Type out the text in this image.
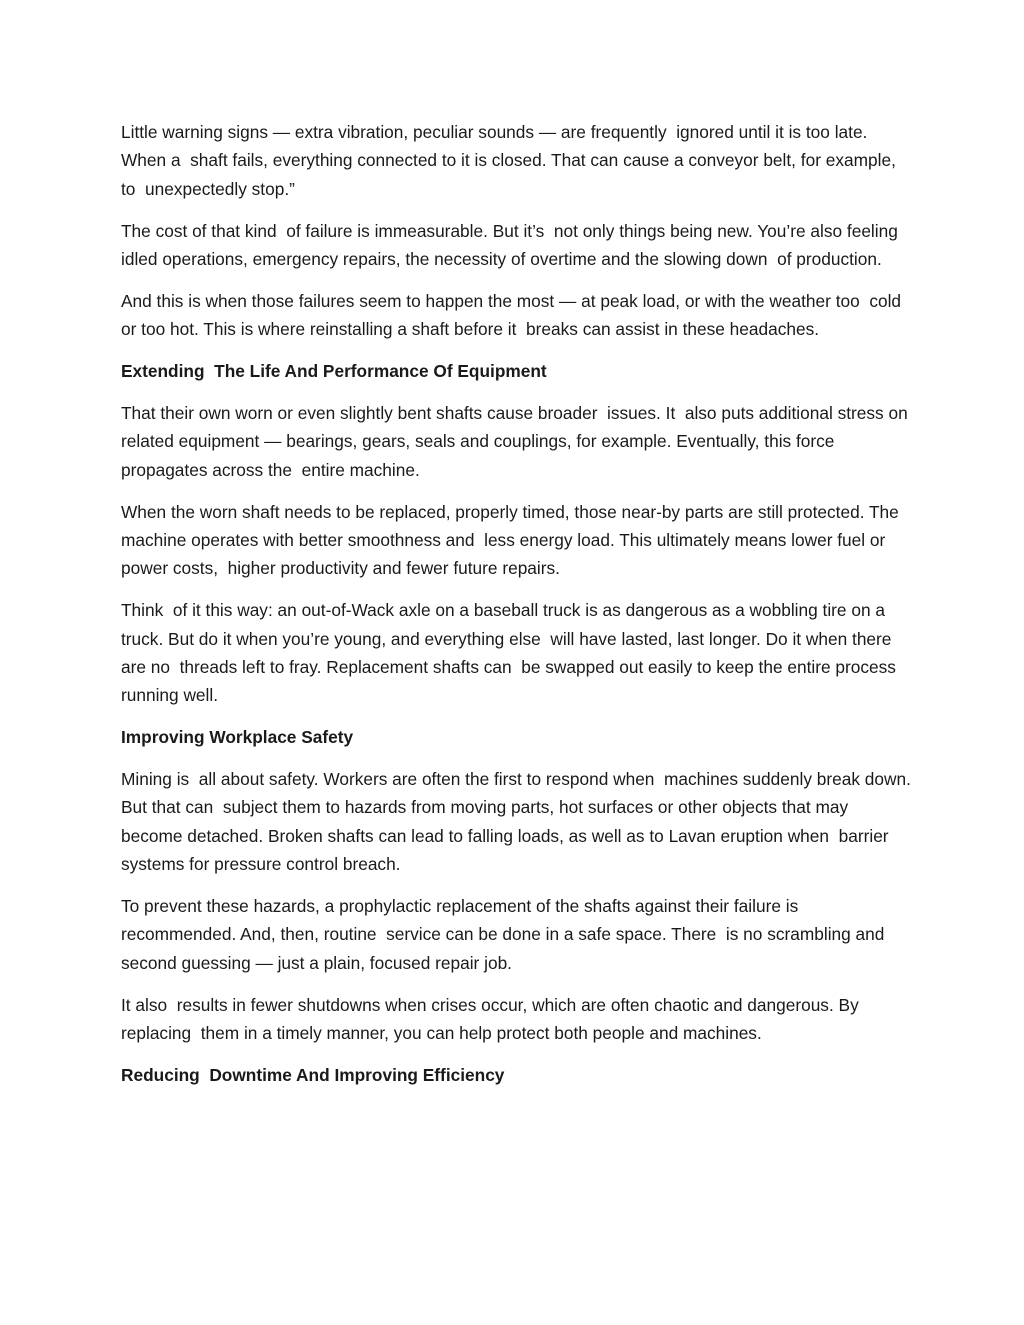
Little warning signs — extra vibration, peculiar sounds — are frequently  ignored until it is too late. When a  shaft fails, everything connected to it is closed. That can cause a conveyor belt, for example, to  unexpectedly stop.”

The cost of that kind  of failure is immeasurable. But it’s  not only things being new. You’re also feeling idled operations, emergency repairs, the necessity of overtime and the slowing down  of production.

And this is when those failures seem to happen the most — at peak load, or with the weather too  cold or too hot. This is where reinstalling a shaft before it  breaks can assist in these headaches.

Extending  The Life And Performance Of Equipment

That their own worn or even slightly bent shafts cause broader  issues. It  also puts additional stress on related equipment — bearings, gears, seals and couplings, for example. Eventually, this force propagates across the  entire machine.

When the worn shaft needs to be replaced, properly timed, those near-by parts are still protected. The machine operates with better smoothness and  less energy load. This ultimately means lower fuel or power costs,  higher productivity and fewer future repairs.

Think  of it this way: an out-of-Wack axle on a baseball truck is as dangerous as a wobbling tire on a truck. But do it when you’re young, and everything else  will have lasted, last longer. Do it when there are no  threads left to fray. Replacement shafts can  be swapped out easily to keep the entire process running well.

Improving Workplace Safety

Mining is  all about safety. Workers are often the first to respond when  machines suddenly break down. But that can  subject them to hazards from moving parts, hot surfaces or other objects that may become detached. Broken shafts can lead to falling loads, as well as to Lavan eruption when  barrier systems for pressure control breach.

To prevent these hazards, a prophylactic replacement of the shafts against their failure is recommended. And, then, routine  service can be done in a safe space. There  is no scrambling and second guessing — just a plain, focused repair job.

It also  results in fewer shutdowns when crises occur, which are often chaotic and dangerous. By replacing  them in a timely manner, you can help protect both people and machines.

Reducing  Downtime And Improving Efficiency
